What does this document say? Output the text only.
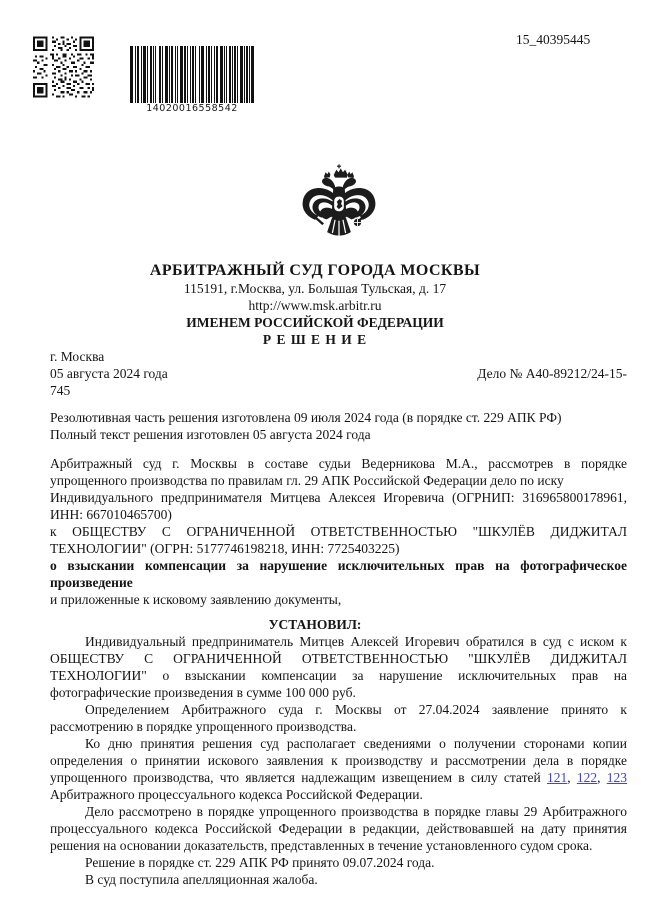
14020016558542
15_40395445
АРБИТРАЖНЫЙ СУД ГОРОДА МОСКВЫ
115191, г.Москва, ул. Большая Тульская, д. 17
http://www.msk.arbitr.ru
ИМЕНЕМ РОССИЙСКОЙ ФЕДЕРАЦИИ
Р Е Ш Е Н И Е
г. Москва
05 августа 2024 года	Дело № А40-89212/24-15-
745

Резолютивная часть решения изготовлена 09 июля 2024 года (в порядке ст. 229 АПК РФ)

Полный текст решения изготовлен 05 августа 2024 года

Арбитражный суд г. Москвы в составе судьи Ведерникова М.А., рассмотрев в порядке упрощенного производства по правилам гл. 29 АПК Российской Федерации дело по иску

Индивидуального предпринимателя Митцева Алексея Игоревича (ОГРНИП: 316965800178961, ИНН: 667010465700)

к ОБЩЕСТВУ С ОГРАНИЧЕННОЙ ОТВЕТСТВЕННОСТЬЮ "ШКУЛЁВ ДИДЖИТАЛ ТЕХНОЛОГИИ" (ОГРН: 5177746198218, ИНН: 7725403225)

о взыскании компенсации за нарушение исключительных прав на фотографическое произведение

и приложенные к исковому заявлению документы,

УСТАНОВИЛ:

Индивидуальный предприниматель Митцев Алексей Игоревич обратился в суд с иском к ОБЩЕСТВУ С ОГРАНИЧЕННОЙ ОТВЕТСТВЕННОСТЬЮ "ШКУЛЁВ ДИДЖИТАЛ ТЕХНОЛОГИИ" о взыскании компенсации за нарушение исключительных прав на фотографические произведения в сумме 100 000 руб.

Определением Арбитражного суда г. Москвы от 27.04.2024 заявление принято к рассмотрению в порядке упрощенного производства.

Ко дню принятия решения суд располагает сведениями о получении сторонами копии определения о принятии искового заявления к производству и рассмотрении дела в порядке упрощенного производства, что является надлежащим извещением в силу статей 121, 122, 123 Арбитражного процессуального кодекса Российской Федерации.

Дело рассмотрено в порядке упрощенного производства в порядке главы 29 Арбитражного процессуального кодекса Российской Федерации в редакции, действовавшей на дату принятия решения на основании доказательств, представленных в течение установленного судом срока.

Решение в порядке ст. 229 АПК РФ принято 09.07.2024 года.

В суд поступила апелляционная жалоба.
